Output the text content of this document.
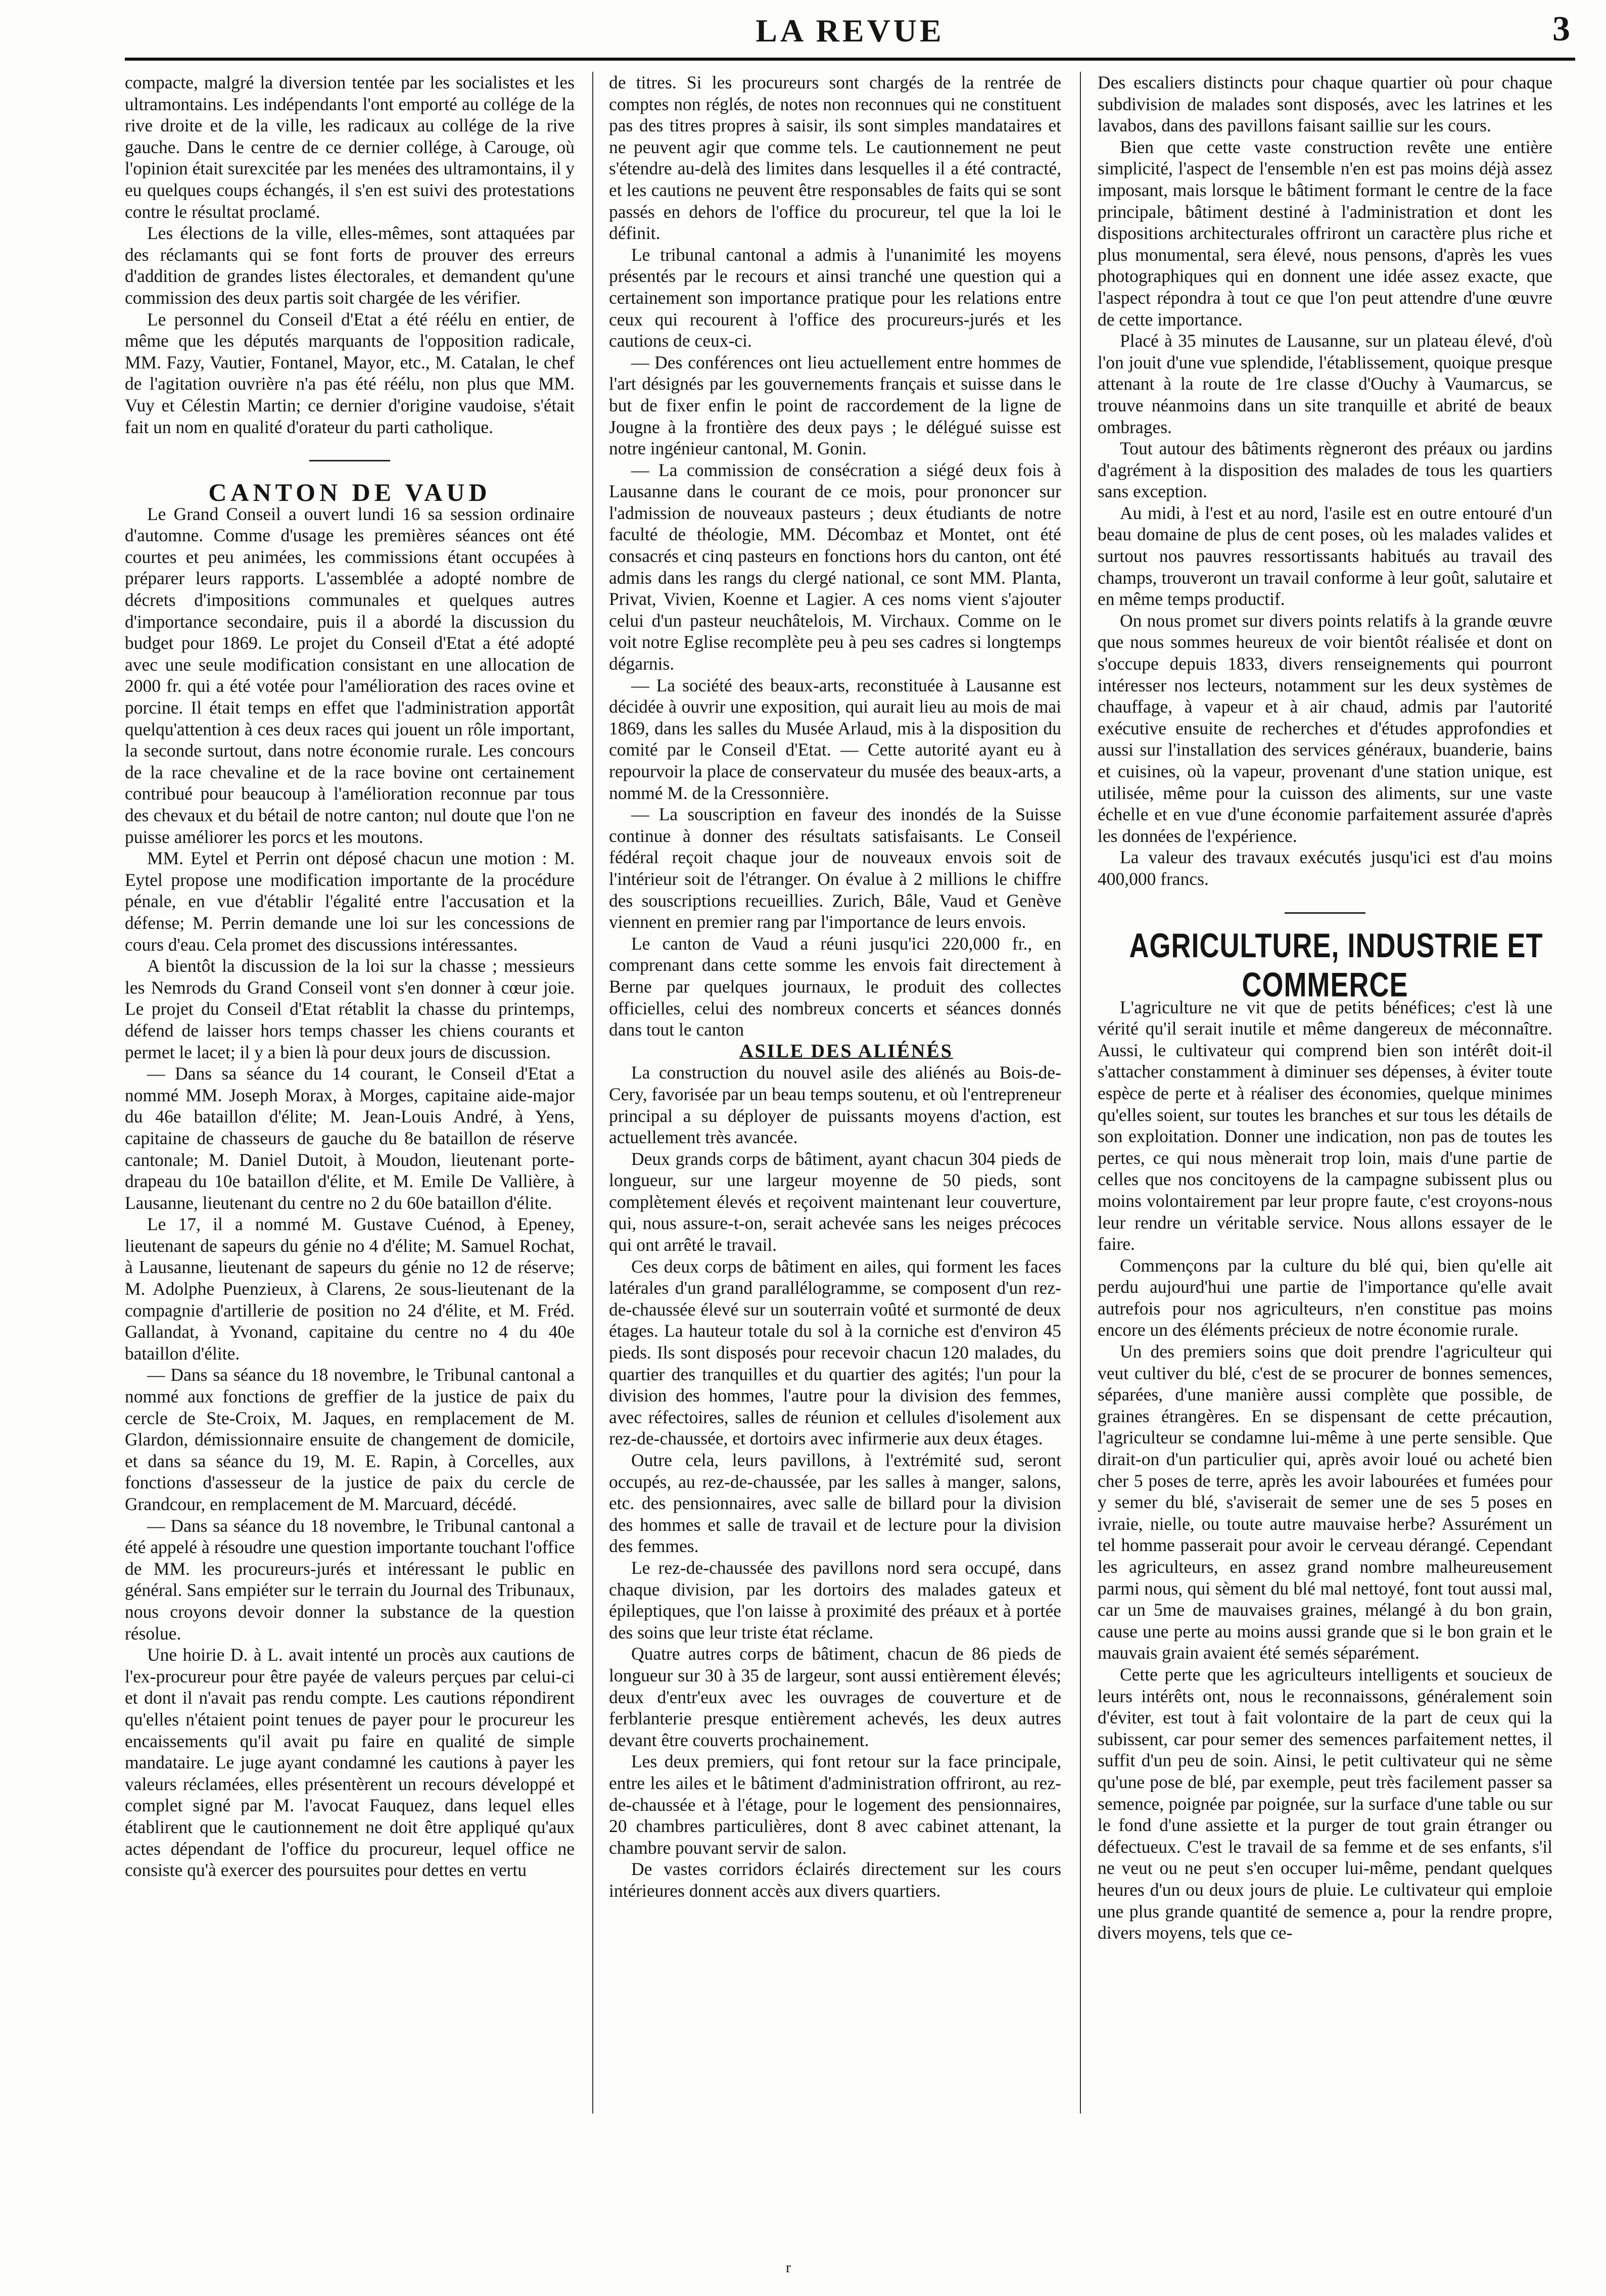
LA REVUE	3

compacte, malgré la diversion tentée par les socialistes et les ultramontains. Les indépendants l'ont emporté au collége de la rive droite et de la ville, les radicaux au collége de la rive gauche. Dans le centre de ce dernier collége, à Carouge, où l'opinion était surexcitée par les menées des ultramontains, il y eu quelques coups échangés, il s'en est suivi des protestations contre le résultat proclamé.

Les élections de la ville, elles-mêmes, sont attaquées par des réclamants qui se font forts de prouver des erreurs d'addition de grandes listes électorales, et demandent qu'une commission des deux partis soit chargée de les vérifier.

Le personnel du Conseil d'Etat a été réélu en entier, de même que les députés marquants de l'opposition radicale, MM. Fazy, Vautier, Fontanel, Mayor, etc., M. Catalan, le chef de l'agitation ouvrière n'a pas été réélu, non plus que MM. Vuy et Célestin Martin; ce dernier d'origine vaudoise, s'était fait un nom en qualité d'orateur du parti catholique.

CANTON DE VAUD

Le Grand Conseil a ouvert lundi 16 sa session ordinaire d'automne. Comme d'usage les premières séances ont été courtes et peu animées, les commissions étant occupées à préparer leurs rapports. L'assemblée a adopté nombre de décrets d'impositions communales et quelques autres d'importance secondaire, puis il a abordé la discussion du budget pour 1869. Le projet du Conseil d'Etat a été adopté avec une seule modification consistant en une allocation de 2000 fr. qui a été votée pour l'amélioration des races ovine et porcine. Il était temps en effet que l'administration apportât quelqu'attention à ces deux races qui jouent un rôle important, la seconde surtout, dans notre économie rurale. Les concours de la race chevaline et de la race bovine ont certainement contribué pour beaucoup à l'amélioration reconnue par tous des chevaux et du bétail de notre canton; nul doute que l'on ne puisse améliorer les porcs et les moutons.

MM. Eytel et Perrin ont déposé chacun une motion : M. Eytel propose une modification importante de la procédure pénale, en vue d'établir l'égalité entre l'accusation et la défense; M. Perrin demande une loi sur les concessions de cours d'eau. Cela promet des discussions intéressantes.

A bientôt la discussion de la loi sur la chasse ; messieurs les Nemrods du Grand Conseil vont s'en donner à cœur joie. Le projet du Conseil d'Etat rétablit la chasse du printemps, défend de laisser hors temps chasser les chiens courants et permet le lacet; il y a bien là pour deux jours de discussion.

— Dans sa séance du 14 courant, le Conseil d'Etat a nommé MM. Joseph Morax, à Morges, capitaine aide-major du 46e bataillon d'élite; M. Jean-Louis André, à Yens, capitaine de chasseurs de gauche du 8e bataillon de réserve cantonale; M. Daniel Dutoit, à Moudon, lieutenant porte-drapeau du 10e bataillon d'élite, et M. Emile De Vallière, à Lausanne, lieutenant du centre no 2 du 60e bataillon d'élite.

Le 17, il a nommé M. Gustave Cuénod, à Epeney, lieutenant de sapeurs du génie no 4 d'élite; M. Samuel Rochat, à Lausanne, lieutenant de sapeurs du génie no 12 de réserve; M. Adolphe Puenzieux, à Clarens, 2e sous-lieutenant de la compagnie d'artillerie de position no 24 d'élite, et M. Fréd. Gallandat, à Yvonand, capitaine du centre no 4 du 40e bataillon d'élite.

— Dans sa séance du 18 novembre, le Tribunal cantonal a nommé aux fonctions de greffier de la justice de paix du cercle de Ste-Croix, M. Jaques, en remplacement de M. Glardon, démissionnaire ensuite de changement de domicile, et dans sa séance du 19, M. E. Rapin, à Corcelles, aux fonctions d'assesseur de la justice de paix du cercle de Grandcour, en remplacement de M. Marcuard, décédé.

— Dans sa séance du 18 novembre, le Tribunal cantonal a été appelé à résoudre une question importante touchant l'office de MM. les procureurs-jurés et intéressant le public en général. Sans empiéter sur le terrain du Journal des Tribunaux, nous croyons devoir donner la substance de la question résolue.

Une hoirie D. à L. avait intenté un procès aux cautions de l'ex-procureur pour être payée de valeurs perçues par celui-ci et dont il n'avait pas rendu compte. Les cautions répondirent qu'elles n'étaient point tenues de payer pour le procureur les encaissements qu'il avait pu faire en qualité de simple mandataire. Le juge ayant condamné les cautions à payer les valeurs réclamées, elles présentèrent un recours développé et complet signé par M. l'avocat Fauquez, dans lequel elles établirent que le cautionnement ne doit être appliqué qu'aux actes dépendant de l'office du procureur, lequel office ne consiste qu'à exercer des poursuites pour dettes en vertu

de titres. Si les procureurs sont chargés de la rentrée de comptes non réglés, de notes non reconnues qui ne constituent pas des titres propres à saisir, ils sont simples mandataires et ne peuvent agir que comme tels. Le cautionnement ne peut s'étendre au-delà des limites dans lesquelles il a été contracté, et les cautions ne peuvent être responsables de faits qui se sont passés en dehors de l'office du procureur, tel que la loi le définit.

Le tribunal cantonal a admis à l'unanimité les moyens présentés par le recours et ainsi tranché une question qui a certainement son importance pratique pour les relations entre ceux qui recourent à l'office des procureurs-jurés et les cautions de ceux-ci.

— Des conférences ont lieu actuellement entre hommes de l'art désignés par les gouvernements français et suisse dans le but de fixer enfin le point de raccordement de la ligne de Jougne à la frontière des deux pays ; le délégué suisse est notre ingénieur cantonal, M. Gonin.

— La commission de consécration a siégé deux fois à Lausanne dans le courant de ce mois, pour prononcer sur l'admission de nouveaux pasteurs ; deux étudiants de notre faculté de théologie, MM. Décombaz et Montet, ont été consacrés et cinq pasteurs en fonctions hors du canton, ont été admis dans les rangs du clergé national, ce sont MM. Planta, Privat, Vivien, Koenne et Lagier. A ces noms vient s'ajouter celui d'un pasteur neuchâtelois, M. Virchaux. Comme on le voit notre Eglise recomplète peu à peu ses cadres si longtemps dégarnis.

— La société des beaux-arts, reconstituée à Lausanne est décidée à ouvrir une exposition, qui aurait lieu au mois de mai 1869, dans les salles du Musée Arlaud, mis à la disposition du comité par le Conseil d'Etat. — Cette autorité ayant eu à repourvoir la place de conservateur du musée des beaux-arts, a nommé M. de la Cressonnière.

— La souscription en faveur des inondés de la Suisse continue à donner des résultats satisfaisants. Le Conseil fédéral reçoit chaque jour de nouveaux envois soit de l'intérieur soit de l'étranger. On évalue à 2 millions le chiffre des souscriptions recueillies. Zurich, Bâle, Vaud et Genève viennent en premier rang par l'importance de leurs envois.

Le canton de Vaud a réuni jusqu'ici 220,000 fr., en comprenant dans cette somme les envois fait directement à Berne par quelques journaux, le produit des collectes officielles, celui des nombreux concerts et séances donnés dans tout le canton

ASILE DES ALIÉNÉS

La construction du nouvel asile des aliénés au Bois-de-Cery, favorisée par un beau temps soutenu, et où l'entrepreneur principal a su déployer de puissants moyens d'action, est actuellement très avancée.

Deux grands corps de bâtiment, ayant chacun 304 pieds de longueur, sur une largeur moyenne de 50 pieds, sont complètement élevés et reçoivent maintenant leur couverture, qui, nous assure-t-on, serait achevée sans les neiges précoces qui ont arrêté le travail.

Ces deux corps de bâtiment en ailes, qui forment les faces latérales d'un grand parallélogramme, se composent d'un rez-de-chaussée élevé sur un souterrain voûté et surmonté de deux étages. La hauteur totale du sol à la corniche est d'environ 45 pieds. Ils sont disposés pour recevoir chacun 120 malades, du quartier des tranquilles et du quartier des agités; l'un pour la division des hommes, l'autre pour la division des femmes, avec réfectoires, salles de réunion et cellules d'isolement aux rez-de-chaussée, et dortoirs avec infirmerie aux deux étages.

Outre cela, leurs pavillons, à l'extrémité sud, seront occupés, au rez-de-chaussée, par les salles à manger, salons, etc. des pensionnaires, avec salle de billard pour la division des hommes et salle de travail et de lecture pour la division des femmes.

Le rez-de-chaussée des pavillons nord sera occupé, dans chaque division, par les dortoirs des malades gateux et épileptiques, que l'on laisse à proximité des préaux et à portée des soins que leur triste état réclame.

Quatre autres corps de bâtiment, chacun de 86 pieds de longueur sur 30 à 35 de largeur, sont aussi entièrement élevés; deux d'entr'eux avec les ouvrages de couverture et de ferblanterie presque entièrement achevés, les deux autres devant être couverts prochainement.

Les deux premiers, qui font retour sur la face principale, entre les ailes et le bâtiment d'administration offriront, au rez-de-chaussée et à l'étage, pour le logement des pensionnaires, 20 chambres particulières, dont 8 avec cabinet attenant, la chambre pouvant servir de salon.

De vastes corridors éclairés directement sur les cours intérieures donnent accès aux divers quartiers.

Des escaliers distincts pour chaque quartier où pour chaque subdivision de malades sont disposés, avec les latrines et les lavabos, dans des pavillons faisant saillie sur les cours.

Bien que cette vaste construction revête une entière simplicité, l'aspect de l'ensemble n'en est pas moins déjà assez imposant, mais lorsque le bâtiment formant le centre de la face principale, bâtiment destiné à l'administration et dont les dispositions architecturales offriront un caractère plus riche et plus monumental, sera élevé, nous pensons, d'après les vues photographiques qui en donnent une idée assez exacte, que l'aspect répondra à tout ce que l'on peut attendre d'une œuvre de cette importance.

Placé à 35 minutes de Lausanne, sur un plateau élevé, d'où l'on jouit d'une vue splendide, l'établissement, quoique presque attenant à la route de 1re classe d'Ouchy à Vaumarcus, se trouve néanmoins dans un site tranquille et abrité de beaux ombrages.

Tout autour des bâtiments règneront des préaux ou jardins d'agrément à la disposition des malades de tous les quartiers sans exception.

Au midi, à l'est et au nord, l'asile est en outre entouré d'un beau domaine de plus de cent poses, où les malades valides et surtout nos pauvres ressortissants habitués au travail des champs, trouveront un travail conforme à leur goût, salutaire et en même temps productif.

On nous promet sur divers points relatifs à la grande œuvre que nous sommes heureux de voir bientôt réalisée et dont on s'occupe depuis 1833, divers renseignements qui pourront intéresser nos lecteurs, notamment sur les deux systèmes de chauffage, à vapeur et à air chaud, admis par l'autorité exécutive ensuite de recherches et d'études approfondies et aussi sur l'installation des services généraux, buanderie, bains et cuisines, où la vapeur, provenant d'une station unique, est utilisée, même pour la cuisson des aliments, sur une vaste échelle et en vue d'une économie parfaitement assurée d'après les données de l'expérience.

La valeur des travaux exécutés jusqu'ici est d'au moins 400,000 francs.

AGRICULTURE, INDUSTRIE ET COMMERCE

L'agriculture ne vit que de petits bénéfices; c'est là une vérité qu'il serait inutile et même dangereux de méconnaître. Aussi, le cultivateur qui comprend bien son intérêt doit-il s'attacher constamment à diminuer ses dépenses, à éviter toute espèce de perte et à réaliser des économies, quelque minimes qu'elles soient, sur toutes les branches et sur tous les détails de son exploitation. Donner une indication, non pas de toutes les pertes, ce qui nous mènerait trop loin, mais d'une partie de celles que nos concitoyens de la campagne subissent plus ou moins volontairement par leur propre faute, c'est croyons-nous leur rendre un véritable service. Nous allons essayer de le faire.

Commençons par la culture du blé qui, bien qu'elle ait perdu aujourd'hui une partie de l'importance qu'elle avait autrefois pour nos agriculteurs, n'en constitue pas moins encore un des éléments précieux de notre économie rurale.

Un des premiers soins que doit prendre l'agriculteur qui veut cultiver du blé, c'est de se procurer de bonnes semences, séparées, d'une manière aussi complète que possible, de graines étrangères. En se dispensant de cette précaution, l'agriculteur se condamne lui-même à une perte sensible. Que dirait-on d'un particulier qui, après avoir loué ou acheté bien cher 5 poses de terre, après les avoir labourées et fumées pour y semer du blé, s'aviserait de semer une de ses 5 poses en ivraie, nielle, ou toute autre mauvaise herbe? Assurément un tel homme passerait pour avoir le cerveau dérangé. Cependant les agriculteurs, en assez grand nombre malheureusement parmi nous, qui sèment du blé mal nettoyé, font tout aussi mal, car un 5me de mauvaises graines, mélangé à du bon grain, cause une perte au moins aussi grande que si le bon grain et le mauvais grain avaient été semés séparément.

Cette perte que les agriculteurs intelligents et soucieux de leurs intérêts ont, nous le reconnaissons, généralement soin d'éviter, est tout à fait volontaire de la part de ceux qui la subissent, car pour semer des semences parfaitement nettes, il suffit d'un peu de soin. Ainsi, le petit cultivateur qui ne sème qu'une pose de blé, par exemple, peut très facilement passer sa semence, poignée par poignée, sur la surface d'une table ou sur le fond d'une assiette et la purger de tout grain étranger ou défectueux. C'est le travail de sa femme et de ses enfants, s'il ne veut ou ne peut s'en occuper lui-même, pendant quelques heures d'un ou deux jours de pluie. Le cultivateur qui emploie une plus grande quantité de semence a, pour la rendre propre, divers moyens, tels que ce-

r
